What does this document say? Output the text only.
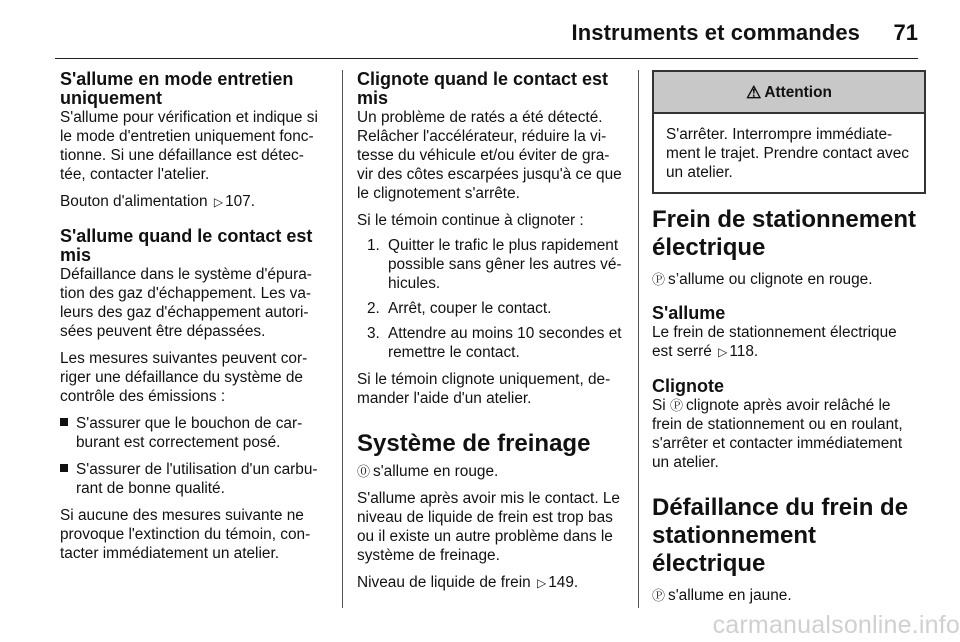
Instruments et commandes 71
S'allume en mode entretien uniquement

S'allume pour vérification et indique si le mode d'entretien uniquement fonc-tionne. Si une défaillance est détec-tée, contacter l'atelier.

Bouton d'alimentation ▷ 107.

S'allume quand le contact est mis

Défaillance dans le système d'épura-tion des gaz d'échappement. Les va-leurs des gaz d'échappement autori-sées peuvent être dépassées.

Les mesures suivantes peuvent cor-riger une défaillance du système de contrôle des émissions :

S'assurer que le bouchon de car-burant est correctement posé.
S'assurer de l'utilisation d'un carbu-rant de bonne qualité.

Si aucune des mesures suivante ne provoque l'extinction du témoin, con-tacter immédiatement un atelier.

Clignote quand le contact est mis

Un problème de ratés a été détecté. Relâcher l'accélérateur, réduire la vi-tesse du véhicule et/ou éviter de gra-vir des côtes escarpées jusqu'à ce que le clignotement s'arrête.

Si le témoin continue à clignoter :

1. Quitter le trafic le plus rapidement possible sans gêner les autres vé-hicules.
2. Arrêt, couper le contact.
3. Attendre au moins 10 secondes et remettre le contact.

Si le témoin clignote uniquement, de-mander l'aide d'un atelier.

Système de freinage

⓪ s'allume en rouge.

S'allume après avoir mis le contact. Le niveau de liquide de frein est trop bas ou il existe un autre problème dans le système de freinage.

Niveau de liquide de frein ▷ 149.

⚠ Attention
S'arrêter. Interrompre immédiate-ment le trajet. Prendre contact avec un atelier.
Frein de stationnement électrique

Ⓟ s’allume ou clignote en rouge.

S'allume

Le frein de stationnement électrique est serré ▷ 118.

Clignote

Si Ⓟ clignote après avoir relâché le frein de stationnement ou en roulant, s'arrêter et contacter immédiatement un atelier.

Défaillance du frein de stationnement électrique

Ⓟ s'allume en jaune.

carmanualsonline.info
